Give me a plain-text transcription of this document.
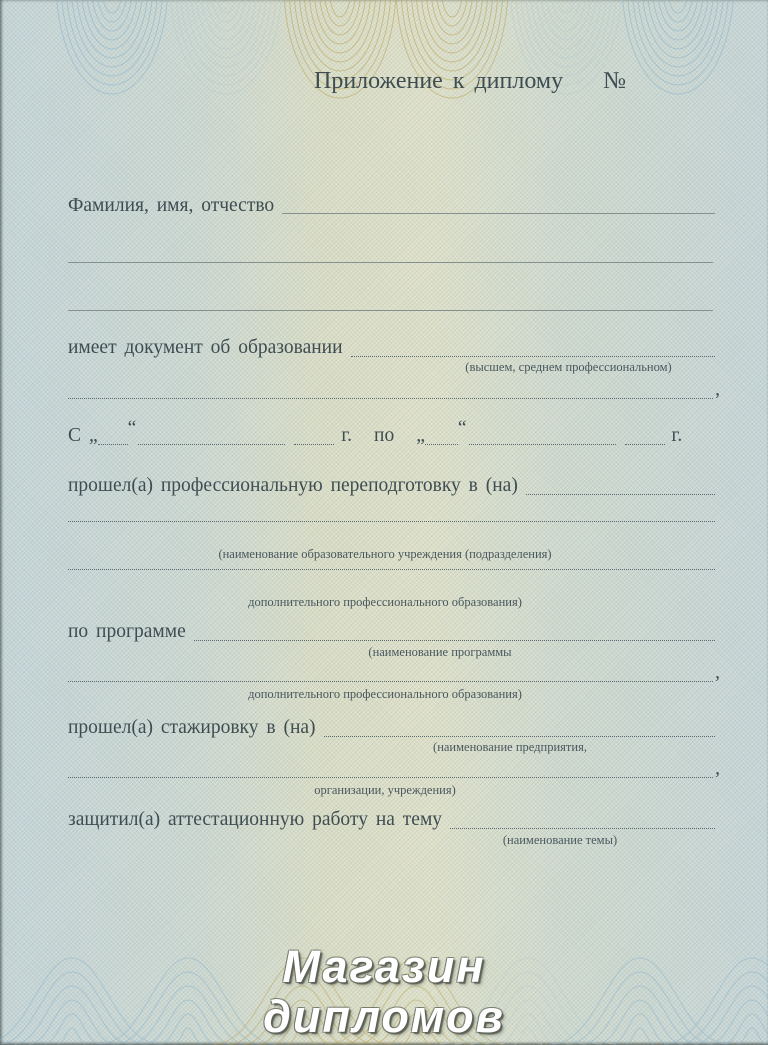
Приложение к диплому №
Фамилия, имя, отчество
имеет документ об образовании
(высшем, среднем профессиональном)
,
С „ “	г. по „ “	г.
прошел(а) профессиональную переподготовку в (на)
(наименование образовательного учреждения (подразделения)
дополнительного профессионального образования)
по программе
(наименование программы
,
дополнительного профессионального образования)
прошел(а) стажировку в (на)
(наименование предприятия,
,
организации, учреждения)
защитил(а) аттестационную работу на тему
(наименование темы)
Магазин
дипломов
